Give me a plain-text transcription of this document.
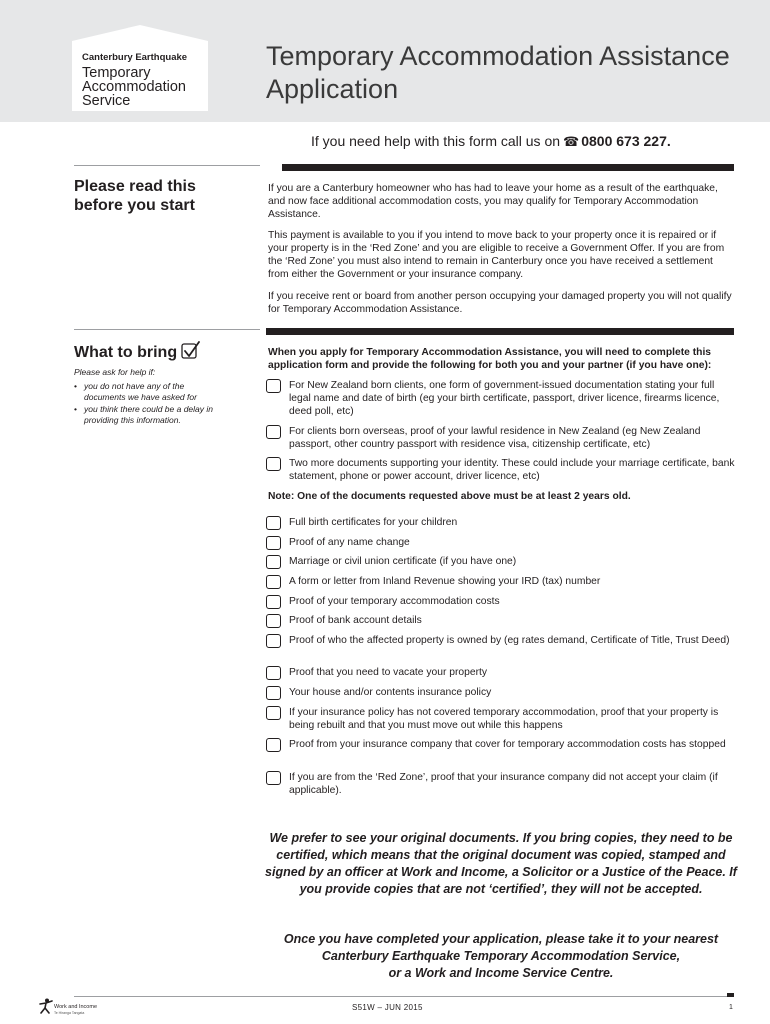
Canterbury Earthquake
Temporary
Accommodation
Service
Temporary Accommodation Assistance
Application
If you need help with this form call us on ☎ 0800 673 227.
Please read this
before you start

If you are a Canterbury homeowner who has had to leave your home as a result of the earthquake, and now face additional accommodation costs, you may qualify for Temporary Accommodation Assistance.

This payment is available to you if you intend to move back to your property once it is repaired or if your property is in the ‘Red Zone’ and you are eligible to receive a Government Offer. If you are from the ‘Red Zone’ you must also intend to remain in Canterbury once you have received a settlement from either the Government or your insurance company.

If you receive rent or board from another person occupying your damaged property you will not qualify for Temporary Accommodation Assistance.

What to bring
Please ask for help if:
• you do not have any of the documents we have asked for
• you think there could be a delay in providing this information.

When you apply for Temporary Accommodation Assistance, you will need to complete this application form and provide the following for both you and your partner (if you have one):

For New Zealand born clients, one form of government-issued documentation stating your full legal name and date of birth (eg your birth certificate, passport, driver licence, firearms licence, deed poll, etc)
For clients born overseas, proof of your lawful residence in New Zealand (eg New Zealand passport, other country passport with residence visa, citizenship certificate, etc)
Two more documents supporting your identity. These could include your marriage certificate, bank statement, phone or power account, driver licence, etc)

Note: One of the documents requested above must be at least 2 years old.

Full birth certificates for your children
Proof of any name change
Marriage or civil union certificate (if you have one)
A form or letter from Inland Revenue showing your IRD (tax) number
Proof of your temporary accommodation costs
Proof of bank account details
Proof of who the affected property is owned by (eg rates demand, Certificate of Title, Trust Deed)
Proof that you need to vacate your property
Your house and/or contents insurance policy
If your insurance policy has not covered temporary accommodation, proof that your property is being rebuilt and that you must move out while this happens
Proof from your insurance company that cover for temporary accommodation costs has stopped
If you are from the ‘Red Zone’, proof that your insurance company did not accept your claim (if applicable).

We prefer to see your original documents. If you bring copies, they need to be certified, which means that the original document was copied, stamped and signed by an officer at Work and Income, a Solicitor or a Justice of the Peace. If you provide copies that are not ‘certified’, they will not be accepted.

Once you have completed your application, please take it to your nearest
Canterbury Earthquake Temporary Accommodation Service,
or a Work and Income Service Centre.
Work and Income
Te Hiranga Tangata
S51W – JUN 2015	1
